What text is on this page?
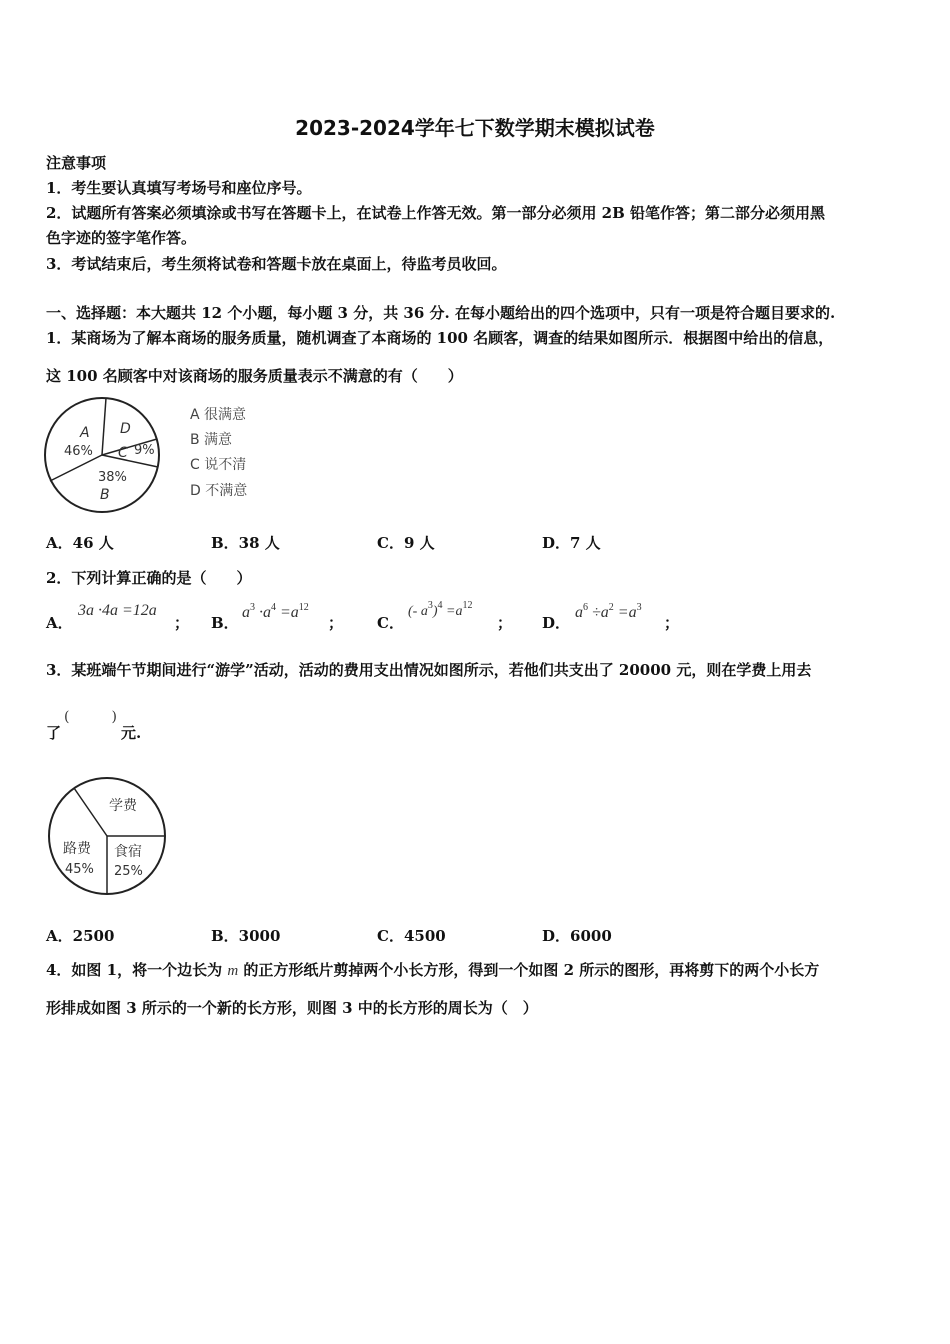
2023-2024学年七下数学期末模拟试卷
注意事项
1．考生要认真填写考场号和座位序号。
2．试题所有答案必须填涂或书写在答题卡上，在试卷上作答无效。第一部分必须用 2B 铅笔作答；第二部分必须用黑
色字迹的签字笔作答。
3．考试结束后，考生须将试卷和答题卡放在桌面上，待监考员收回。
一、选择题：本大题共 12 个小题，每小题 3 分，共 36 分. 在每小题给出的四个选项中，只有一项是符合题目要求的.
1．某商场为了解本商场的服务质量，随机调查了本商场的 100 名顾客，调查的结果如图所示．根据图中给出的信息，
这 100 名顾客中对该商场的服务质量表示不满意的有（　　）
A
46%
D
C 9%
38%
B
A 很满意
B 满意
C 说不清
D 不满意
A．46 人	B．38 人	C．9 人	D．7 人
2．下列计算正确的是（　　）
A．
3a ·4a =12a
； B．
$a^3 \cdot a^4 =a^{12}$
； C．
(- $a^3)^4 =a^{12}$
； D．
$a^6 \div a^2 =a^3$
；
3．某班端午节期间进行“游学”活动，活动的费用支出情况如图所示，若他们共支出了 20000 元，则在学费上用去
了
(　　　)
元.
学费
路费
45%
食宿
25%
A．2500	B．3000	C．4500	D．6000
4．如图 1，将一个边长为 m 的正方形纸片剪掉两个小长方形，得到一个如图 2 所示的图形，再将剪下的两个小长方
形排成如图 3 所示的一个新的长方形，则图 3 中的长方形的周长为（　）
